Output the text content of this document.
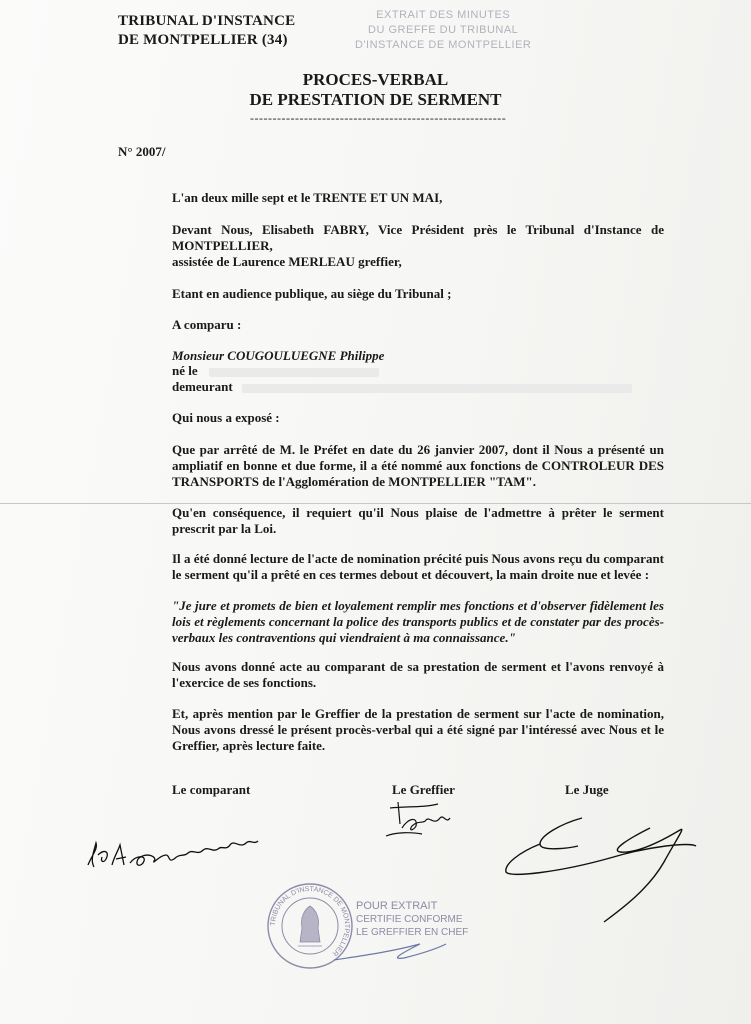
TRIBUNAL D'INSTANCE
DE MONTPELLIER (34)
EXTRAIT DES MINUTES
DU GREFFE DU TRIBUNAL
D'INSTANCE DE MONTPELLIER
PROCES-VERBAL
DE PRESTATION DE SERMENT
---------------------------------------------------------
N° 2007/
L'an deux mille sept et le TRENTE ET UN MAI,
Devant Nous, Elisabeth FABRY, Vice Président près le Tribunal d'Instance de MONTPELLIER,
assistée de Laurence MERLEAU greffier,
Etant en audience publique, au siège du Tribunal ;
A comparu :
Monsieur COUGOULUEGNE Philippe
né le
demeurant
Qui nous a exposé :
Que par arrêté de M. le Préfet en date du 26 janvier 2007, dont il Nous a présenté un ampliatif en bonne et due forme, il a été nommé aux fonctions de CONTROLEUR DES TRANSPORTS de l'Agglomération de MONTPELLIER "TAM".
Qu'en conséquence, il requiert qu'il Nous plaise de l'admettre à prêter le serment prescrit par la Loi.
Il a été donné lecture de l'acte de nomination précité puis Nous avons reçu du comparant le serment qu'il a prêté en ces termes debout et découvert, la main droite nue et levée :
"Je jure et promets de bien et loyalement remplir mes fonctions et d'observer fidèlement les lois et règlements concernant la police des transports publics et de constater par des procès-verbaux les contraventions qui viendraient à ma connaissance."
Nous avons donné acte au comparant de sa prestation de serment et l'avons renvoyé à l'exercice de ses fonctions.
Et, après mention par le Greffier de la prestation de serment sur l'acte de nomination, Nous avons dressé le présent procès-verbal qui a été signé par l'intéressé avec Nous et le Greffier, après lecture faite.
Le comparant	Le Greffier	Le Juge
TRIBUNAL D'INSTANCE DE MONTPELLIER
POUR EXTRAIT
CERTIFIE CONFORME
LE GREFFIER EN CHEF
